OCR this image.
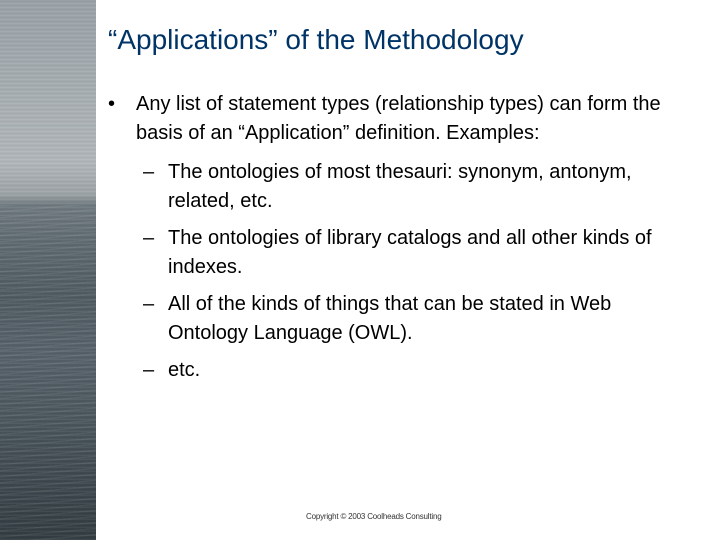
“Applications” of the Methodology
• Any list of statement types (relationship types) can form the basis of an “Application” definition. Examples:
– The ontologies of most thesauri: synonym, antonym, related, etc.
– The ontologies of library catalogs and all other kinds of indexes.
– All of the kinds of things that can be stated in Web Ontology Language (OWL).
– etc.
Copyright © 2003 Coolheads Consulting
